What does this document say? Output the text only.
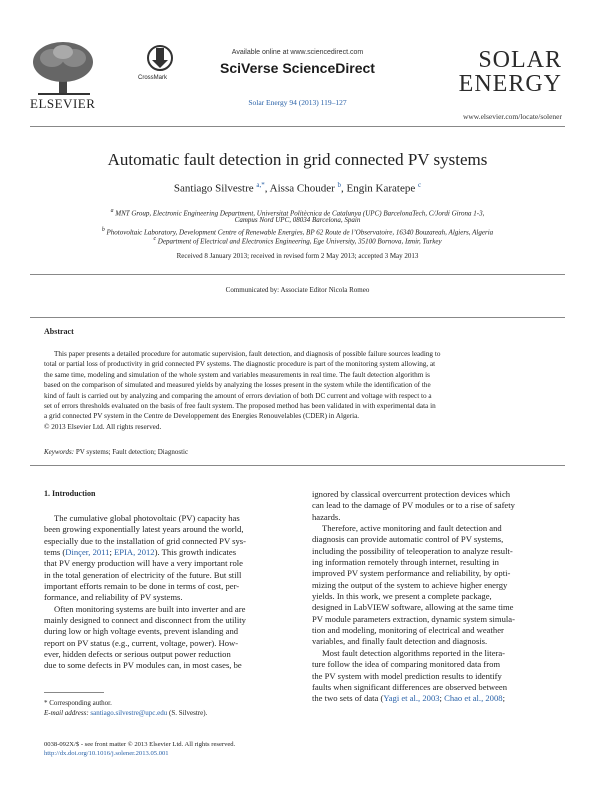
ELSEVIER
CrossMark
Available online at www.sciencedirect.com
SciVerse ScienceDirect
Solar Energy 94 (2013) 119–127
SOLAR
ENERGY
www.elsevier.com/locate/solener
Automatic fault detection in grid connected PV systems
Santiago Silvestre $^{a,*}$, Aissa Chouder $^b$, Engin Karatepe $^c$
$^a$ MNT Group, Electronic Engineering Department, Universitat Politècnica de Catalunya (UPC) BarcelonaTech, C/Jordi Girona 1-3,
Campus Nord UPC, 08034 Barcelona, Spain
$^b$ Photovoltaic Laboratory, Development Centre of Renewable Energies, BP 62 Route de l’Observatoire, 16340 Bouzareah, Algiers, Algeria
$^c$ Department of Electrical and Electronics Engineering, Ege University, 35100 Bornova, Izmir, Turkey
Received 8 January 2013; received in revised form 2 May 2013; accepted 3 May 2013
Communicated by: Associate Editor Nicola Romeo
Abstract
This paper presents a detailed procedure for automatic supervision, fault detection, and diagnosis of possible failure sources leading to
total or partial loss of productivity in grid connected PV systems. The diagnostic procedure is part of the monitoring system allowing, at
the same time, modeling and simulation of the whole system and variables measurements in real time. The fault detection algorithm is
based on the comparison of simulated and measured yields by analyzing the losses present in the system while the identification of the
kind of fault is carried out by analyzing and comparing the amount of errors deviation of both DC current and voltage with respect to a
set of errors thresholds evaluated on the basis of free fault system. The proposed method has been validated in with experimental data in
a grid connected PV system in the Centre de Developpement des Energies Renouvelables (CDER) in Algeria.
© 2013 Elsevier Ltd. All rights reserved.
Keywords: PV systems; Fault detection; Diagnostic
1. Introduction
The cumulative global photovoltaic (PV) capacity has
been growing exponentially latest years around the world,
especially due to the installation of grid connected PV sys-
tems (Dinçer, 2011; EPIA, 2012). This growth indicates
that PV energy production will have a very important role
in the total generation of electricity of the future. But still
important efforts remain to be done in terms of cost, per-
formance, and reliability of PV systems.
Often monitoring systems are built into inverter and are
mainly designed to connect and disconnect from the utility
during low or high voltage events, prevent islanding and
report on PV status (e.g., current, voltage, power). How-
ever, hidden defects or serious output power reduction
due to some defects in PV modules can, in most cases, be
ignored by classical overcurrent protection devices which
can lead to the damage of PV modules or to a rise of safety
hazards.
Therefore, active monitoring and fault detection and
diagnosis can provide automatic control of PV systems,
including the possibility of teleoperation to analyze result-
ing information remotely through internet, resulting in
improved PV system performance and reliability, by opti-
mizing the output of the system to achieve higher energy
yields. In this work, we present a complete package,
designed in LabVIEW software, allowing at the same time
PV module parameters extraction, dynamic system simula-
tion and modeling, monitoring of electrical and weather
variables, and finally fault detection and diagnosis.
Most fault detection algorithms reported in the litera-
ture follow the idea of comparing monitored data from
the PV system with model prediction results to identify
faults when significant differences are observed between
the two sets of data (Yagi et al., 2003; Chao et al., 2008;
* Corresponding author.
E-mail address: santiago.silvestre@upc.edu (S. Silvestre).
0038-092X/$ - see front matter © 2013 Elsevier Ltd. All rights reserved.
http://dx.doi.org/10.1016/j.solener.2013.05.001
